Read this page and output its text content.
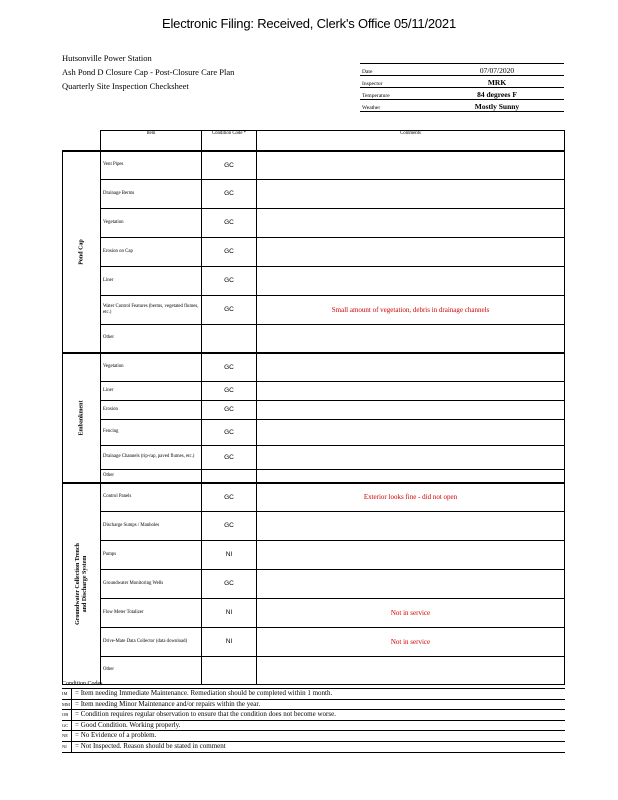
Electronic Filing: Received, Clerk's Office 05/11/2021
Hutsonville Power Station
Ash Pond D Closure Cap - Post-Closure Care Plan
Quarterly Site Inspection Checksheet
Date	07/07/2020
Inspector	MRK
Temperature	84 degrees F
Weather	Mostly Sunny
	Item	Condition Code *	Comments

Pond Cap	Vent Pipes	GC	
	Drainage Berms	GC	
	Vegetation	GC	
	Erosion on Cap	GC	
	Liner	GC	
	Water Control Features (berms, vegetated flumes, etc.)	GC	Small amount of vegetation, debris in drainage channels
	Other		

Embankment	Vegetation	GC	
	Liner	GC	
	Erosion	GC	
	Fencing	GC	
	Drainage Channels (rip-rap, paved flumes, etc.)	GC	
	Other		

Groundwater Collection Trench and Discharge System	Control Panels	GC	Exterior looks fine - did not open
	Discharge Sumps / Manholes	GC	
	Pumps	NI	
	Groundwater Monitoring Wells	GC	
	Flow Meter Totalizer	NI	Not in service
	Drive-Mate Data Collector (data download)	NI	Not in service
	Other		
Condition Codes
IM = Item needing Immediate Maintenance. Remediation should be completed within 1 month.
MM = Item needing Minor Maintenance and/or repairs within the year.
OB = Condition requires regular observation to ensure that the condition does not become worse.
GC = Good Condition. Working properly.
NE = No Evidence of a problem.
NI = Not Inspected. Reason should be stated in comment
